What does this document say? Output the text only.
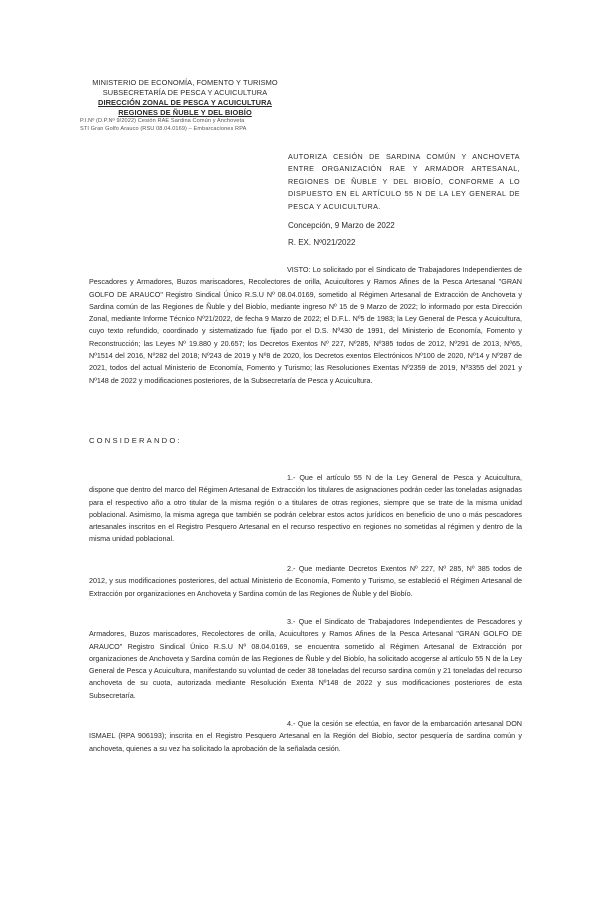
MINISTERIO DE ECONOMÍA, FOMENTO Y TURISMO
SUBSECRETARÍA DE PESCA Y ACUICULTURA
DIRECCIÓN ZONAL DE PESCA Y ACUICULTURA
REGIONES DE ÑUBLE Y DEL BIOBÍO
P.I.Nº (D.P.Nº 9/2022) Cesión RAE Sardina Común y Anchoveta
STI Gran Golfo Arauco (RSU 08.04.0169) – Embarcaciones RPA
AUTORIZA CESIÓN DE SARDINA COMÚN Y ANCHOVETA ENTRE ORGANIZACIÓN RAE Y ARMADOR ARTESANAL, REGIONES DE ÑUBLE Y DEL BIOBÍO, CONFORME A LO DISPUESTO EN EL ARTÍCULO 55 N DE LA LEY GENERAL DE PESCA Y ACUICULTURA.
Concepción, 9 Marzo de 2022
R. EX. Nº021/2022
VISTO: Lo solicitado por el Sindicato de Trabajadores Independientes de Pescadores y Armadores, Buzos mariscadores, Recolectores de orilla, Acuicultores y Ramos Afines de la Pesca Artesanal "GRAN GOLFO DE ARAUCO" Registro Sindical Único R.S.U Nº 08.04.0169, sometido al Régimen Artesanal de Extracción de Anchoveta y Sardina común de las Regiones de Ñuble y del Biobío, mediante ingreso Nº 15 de 9 Marzo de 2022; lo informado por esta Dirección Zonal, mediante Informe Técnico Nº21/2022, de fecha 9 Marzo de 2022; el D.F.L. Nº5 de 1983; la Ley General de Pesca y Acuicultura, cuyo texto refundido, coordinado y sistematizado fue fijado por el D.S. Nº430 de 1991, del Ministerio de Economía, Fomento y Reconstrucción; las Leyes Nº 19.880 y 20.657; los Decretos Exentos Nº 227, Nº285, Nº385 todos de 2012, Nº291 de 2013, Nº65, Nº1514 del 2016, Nº282 del 2018; Nº243 de 2019 y Nº8 de 2020, los Decretos exentos Electrónicos Nº100 de 2020, Nº14 y Nº287 de 2021, todos del actual Ministerio de Economía, Fomento y Turismo; las Resoluciones Exentas Nº2359 de 2019, Nº3355 del 2021 y Nº148 de 2022 y modificaciones posteriores, de la Subsecretaría de Pesca y Acuicultura.
CONSIDERANDO:
1.- Que el artículo 55 N de la Ley General de Pesca y Acuicultura, dispone que dentro del marco del Régimen Artesanal de Extracción los titulares de asignaciones podrán ceder las toneladas asignadas para el respectivo año a otro titular de la misma región o a titulares de otras regiones, siempre que se trate de la misma unidad poblacional. Asimismo, la misma agrega que también se podrán celebrar estos actos jurídicos en beneficio de uno o más pescadores artesanales inscritos en el Registro Pesquero Artesanal en el recurso respectivo en regiones no sometidas al régimen y dentro de la misma unidad poblacional.
2.- Que mediante Decretos Exentos Nº 227, Nº 285, Nº 385 todos de 2012, y sus modificaciones posteriores, del actual Ministerio de Economía, Fomento y Turismo, se estableció el Régimen Artesanal de Extracción por organizaciones en Anchoveta y Sardina común de las Regiones de Ñuble y del Biobío.
3.- Que el Sindicato de Trabajadores Independientes de Pescadores y Armadores, Buzos mariscadores, Recolectores de orilla, Acuicultores y Ramos Afines de la Pesca Artesanal "GRAN GOLFO DE ARAUCO" Registro Sindical Único R.S.U Nº 08.04.0169, se encuentra sometido al Régimen Artesanal de Extracción por organizaciones de Anchoveta y Sardina común de las Regiones de Ñuble y del Biobío, ha solicitado acogerse al artículo 55 N de la Ley General de Pesca y Acuicultura, manifestando su voluntad de ceder 38 toneladas del recurso sardina común y 21 toneladas del recurso anchoveta de su cuota, autorizada mediante Resolución Exenta Nº148 de 2022 y sus modificaciones posteriores de esta Subsecretaría.
4.- Que la cesión se efectúa, en favor de la embarcación artesanal DON ISMAEL (RPA 906193); inscrita en el Registro Pesquero Artesanal en la Región del Biobío, sector pesquería de sardina común y anchoveta, quienes a su vez ha solicitado la aprobación de la señalada cesión.
